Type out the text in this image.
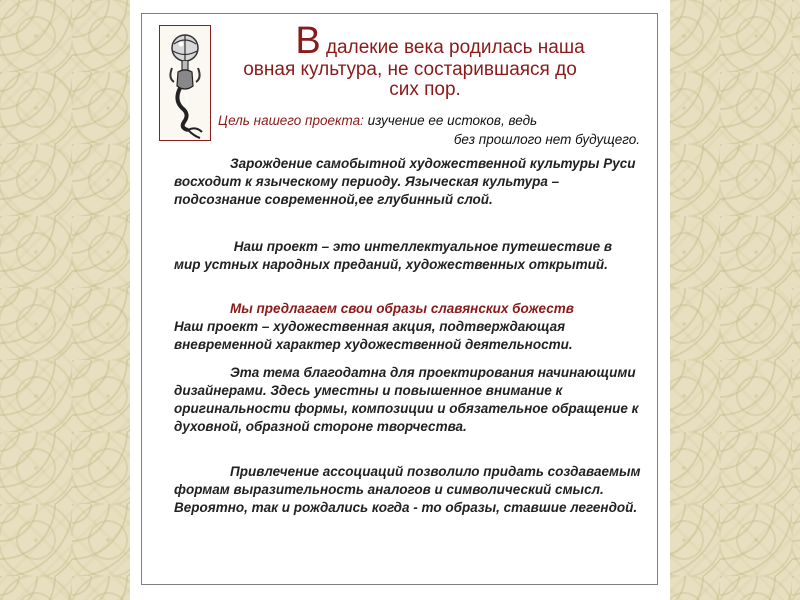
В далекие века родилась наша
овная культура, не состарившаяся до
сих пор.
Цель нашего проекта: изучение ее истоков, ведь
без прошлого нет будущего.

Зарождение самобытной художественной культуры Руси восходит к языческому периоду. Языческая культура – подсознание современной,ее глубинный слой.

Наш проект – это интеллектуальное путешествие в мир устных народных преданий, художественных открытий.

Мы предлагаем свои образы славянских божеств
Наш проект – художественная акция, подтверждающая вневременной характер художественной деятельности.

Эта тема благодатна для проектирования начинающими дизайнерами. Здесь уместны и повышенное внимание к оригинальности формы, композиции и обязательное обращение к духовной, образной стороне творчества.

Привлечение ассоциаций позволило придать создаваемым формам выразительность аналогов и символический смысл. Вероятно, так и рождались когда - то образы, ставшие легендой.
